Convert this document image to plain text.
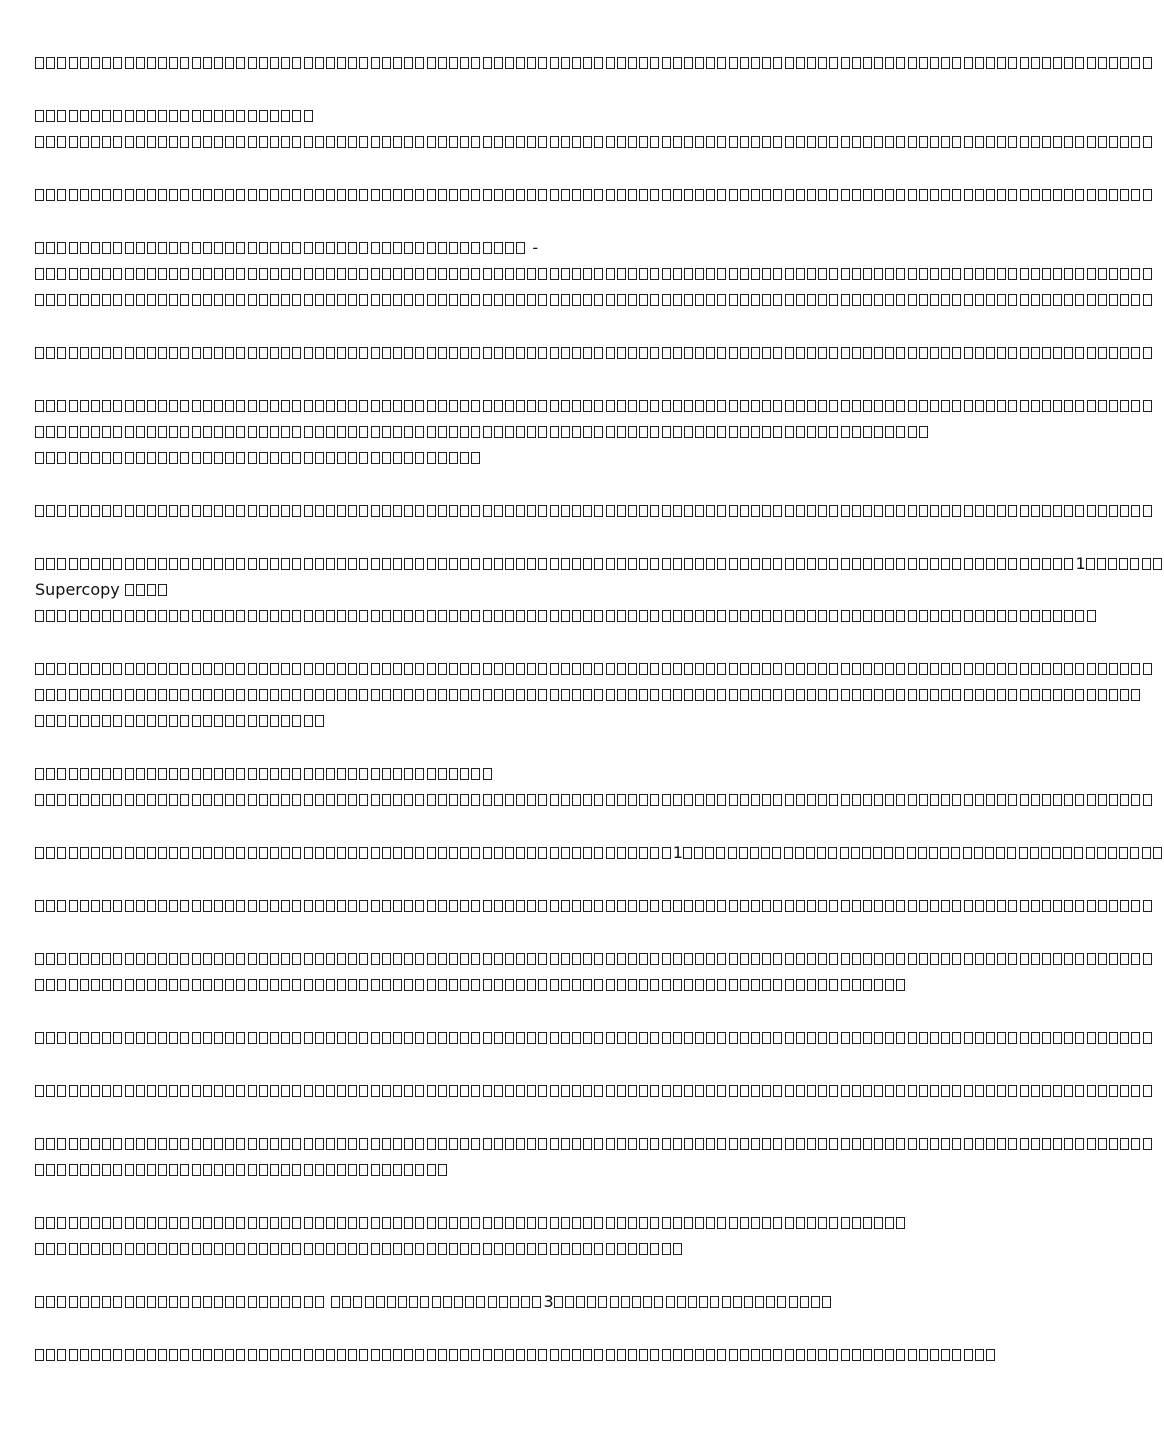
-
1
Supercopy
1
3
